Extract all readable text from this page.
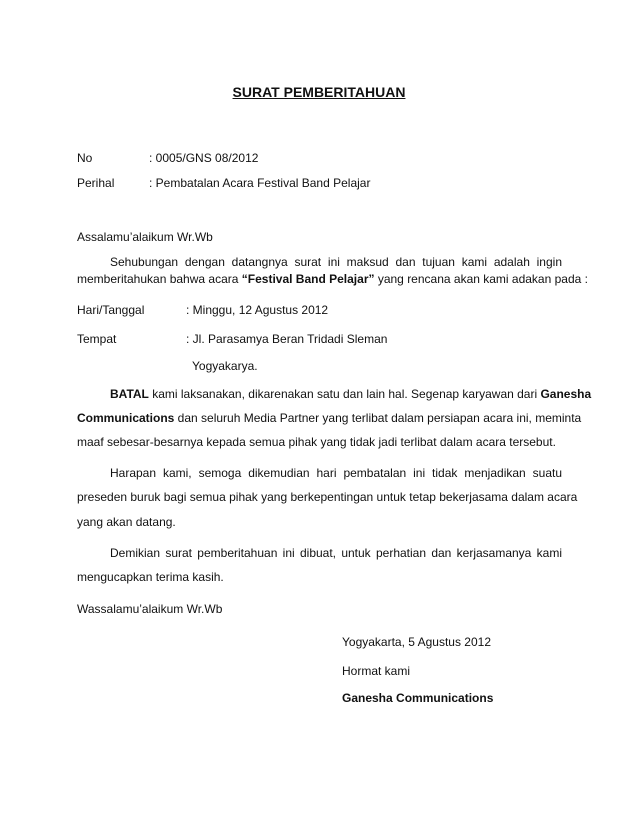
SURAT PEMBERITAHUAN
No	: 0005/GNS 08/2012
Perihal	: Pembatalan Acara Festival Band Pelajar
Assalamu’alaikum Wr.Wb
Sehubungan dengan datangnya surat ini maksud dan tujuan kami adalah ingin
memberitahukan bahwa acara “Festival Band Pelajar” yang rencana akan kami adakan pada :
Hari/Tanggal	: Minggu, 12 Agustus 2012
Tempat	: Jl. Parasamya Beran Tridadi Sleman
Yogyakarya.
BATAL kami laksanakan, dikarenakan satu dan lain hal. Segenap karyawan dari Ganesha
Communications dan seluruh Media Partner yang terlibat dalam persiapan acara ini, meminta
maaf sebesar-besarnya kepada semua pihak yang tidak jadi terlibat dalam acara tersebut.
Harapan kami, semoga dikemudian hari pembatalan ini tidak menjadikan suatu
preseden buruk bagi semua pihak yang berkepentingan untuk tetap bekerjasama dalam acara
yang akan datang.
Demikian surat pemberitahuan ini dibuat, untuk perhatian dan kerjasamanya kami
mengucapkan terima kasih.
Wassalamu’alaikum Wr.Wb
Yogyakarta, 5 Agustus 2012
Hormat kami
Ganesha Communications
